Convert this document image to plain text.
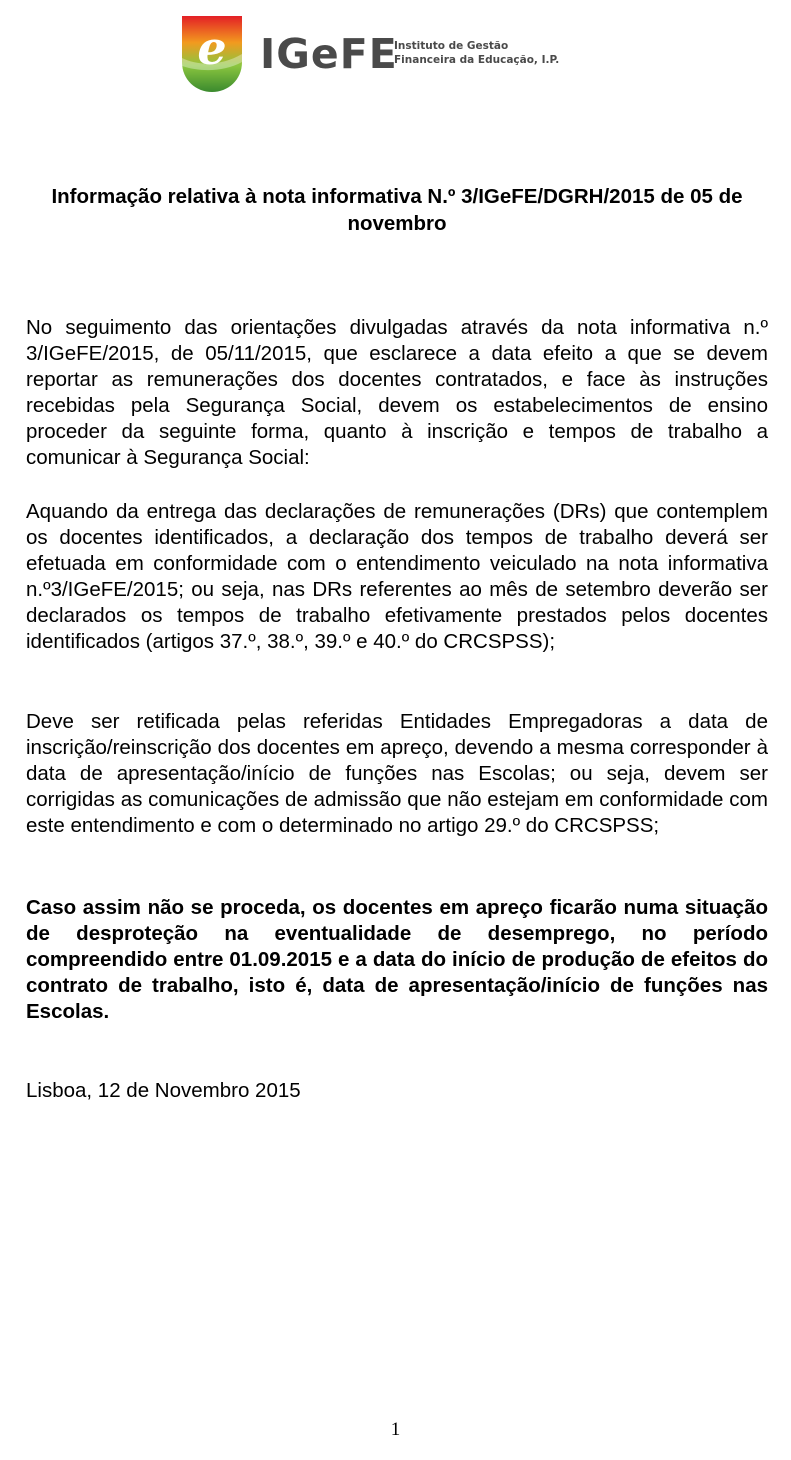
e IGeFE
Instituto de Gestão
Financeira da Educação, I.P.
Informação relativa à nota informativa N.º 3/IGeFE/DGRH/2015 de 05 de novembro
No seguimento das orientações divulgadas através da nota informativa n.º 3/IGeFE/2015, de 05/11/2015, que esclarece a data efeito a que se devem reportar as remunerações dos docentes contratados, e face às instruções recebidas pela Segurança Social, devem os estabelecimentos de ensino proceder da seguinte forma, quanto à inscrição e tempos de trabalho a comunicar à Segurança Social:
Aquando da entrega das declarações de remunerações (DRs) que contemplem os docentes identificados, a declaração dos tempos de trabalho deverá ser efetuada em conformidade com o entendimento veiculado na nota informativa n.º3/IGeFE/2015; ou seja, nas DRs referentes ao mês de setembro deverão ser declarados os tempos de trabalho efetivamente prestados pelos docentes identificados (artigos 37.º, 38.º, 39.º e 40.º do CRCSPSS);
Deve ser retificada pelas referidas Entidades Empregadoras a data de inscrição/reinscrição dos docentes em apreço, devendo a mesma corresponder à data de apresentação/início de funções nas Escolas; ou seja, devem ser corrigidas as comunicações de admissão que não estejam em conformidade com este entendimento e com o determinado no artigo 29.º do CRCSPSS;
Caso assim não se proceda, os docentes em apreço ficarão numa situação de desproteção na eventualidade de desemprego, no período compreendido entre 01.09.2015 e a data do início de produção de efeitos do contrato de trabalho, isto é, data de apresentação/início de funções nas Escolas.
Lisboa, 12 de Novembro 2015
1
